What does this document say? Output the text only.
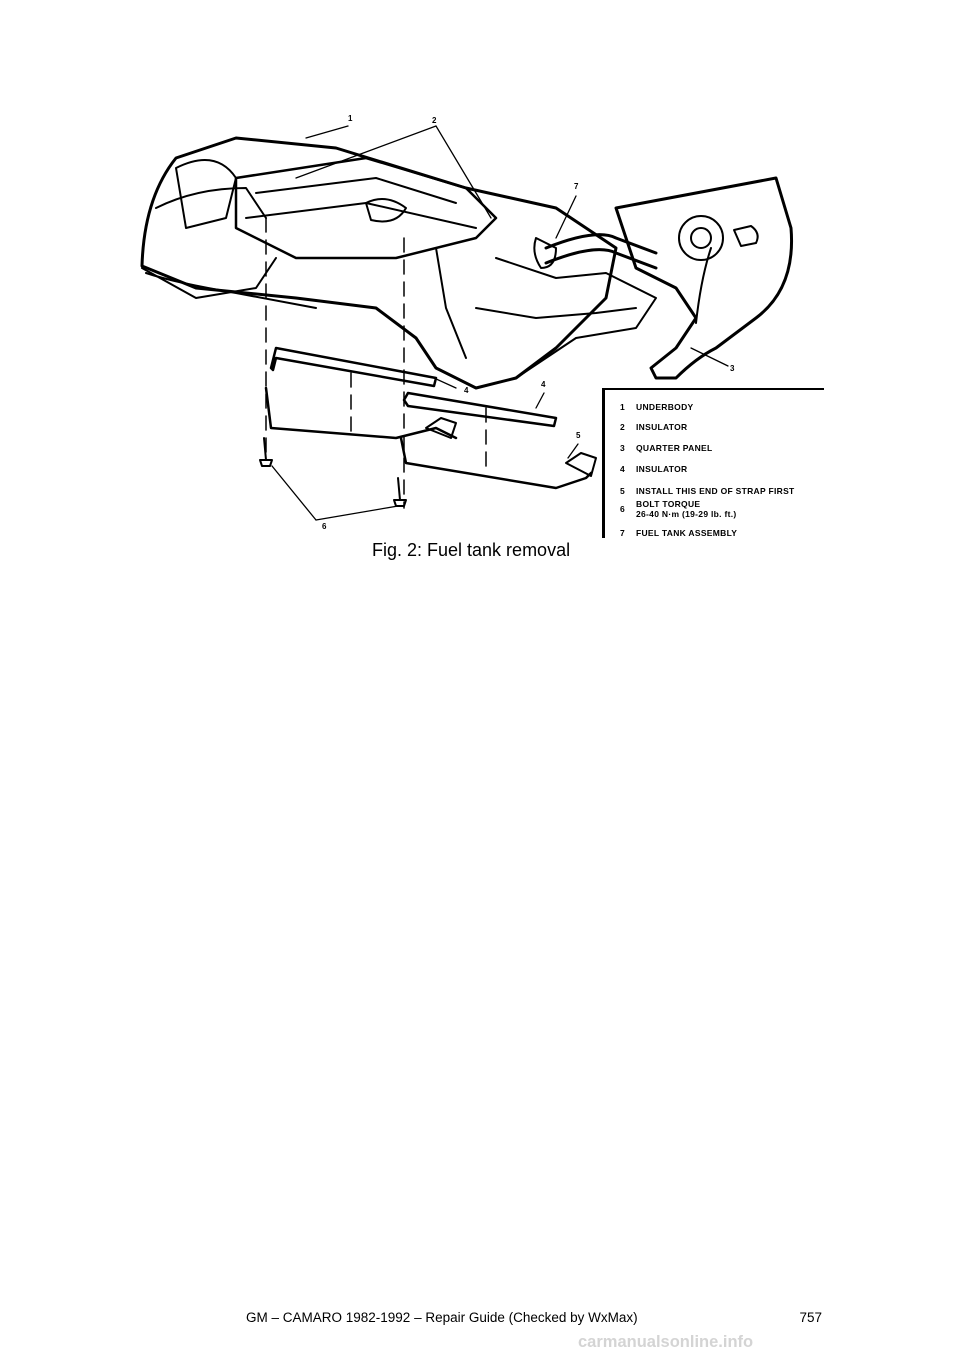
1	2
7
3
4
4
5
6
1 UNDERBODY
2 INSULATOR
3 QUARTER PANEL
4 INSULATOR
5 INSTALL THIS END OF STRAP FIRST
6 BOLT TORQUE
26-40 N·m (19-29 lb. ft.)
7 FUEL TANK ASSEMBLY
Fig. 2: Fuel tank removal
GM – CAMARO 1982-1992 – Repair Guide (Checked by WxMax)	757
carmanualsonline.info
